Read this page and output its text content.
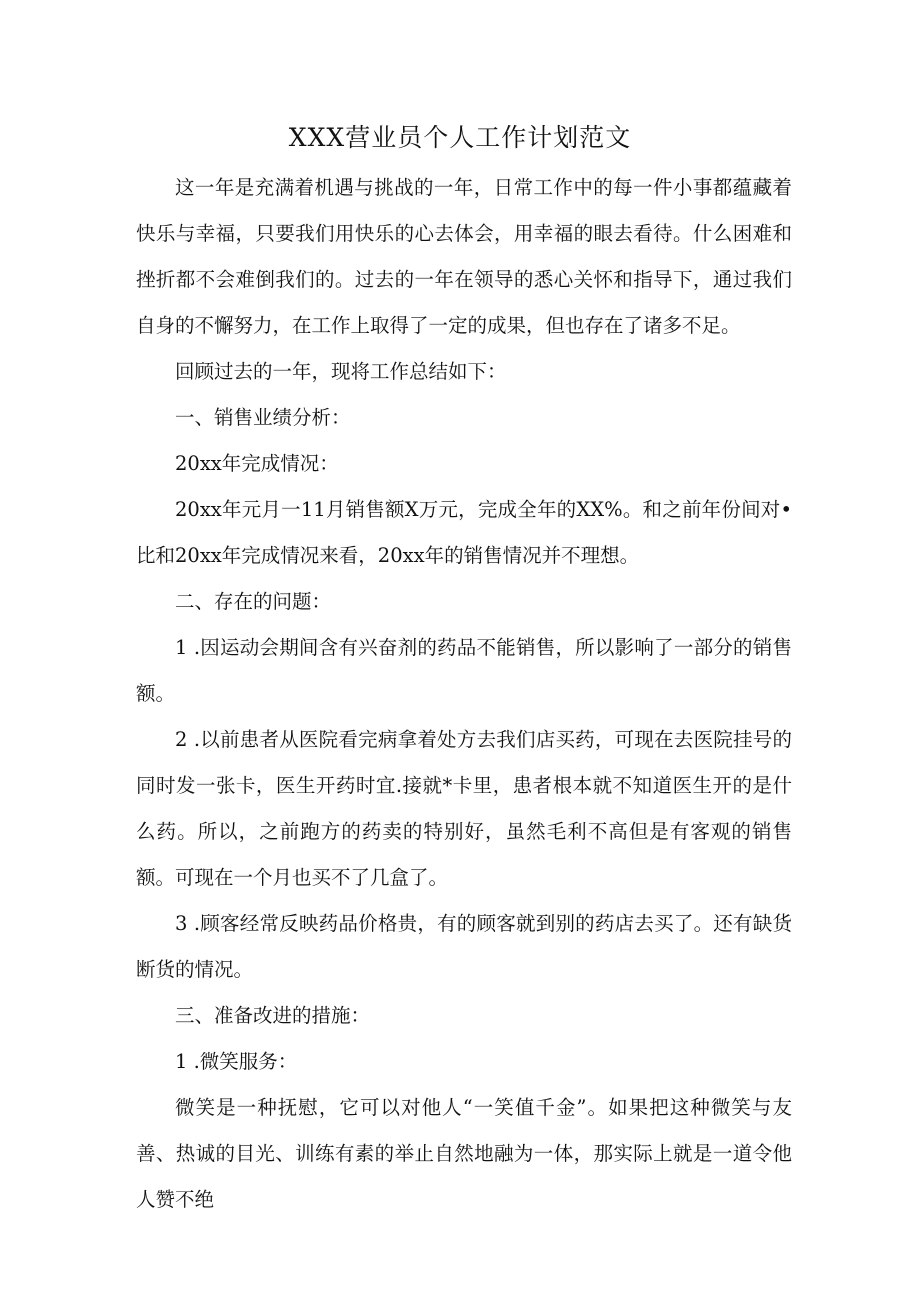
XXX营业员个人工作计划范文

这一年是充满着机遇与挑战的一年，日常工作中的每一件小事都蕴藏着快乐与幸福，只要我们用快乐的心去体会，用幸福的眼去看待。什么困难和挫折都不会难倒我们的。过去的一年在领导的悉心关怀和指导下，通过我们自身的不懈努力，在工作上取得了一定的成果，但也存在了诸多不足。

回顾过去的一年，现将工作总结如下：

一、销售业绩分析：

20xx年完成情况：

20xx年元月一11月销售额X万元，完成全年的XX%。和之前年份间对•比和20xx年完成情况来看，20xx年的销售情况并不理想。

二、存在的问题：

1 .因运动会期间含有兴奋剂的药品不能销售，所以影响了一部分的销售额。

2 .以前患者从医院看完病拿着处方去我们店买药，可现在去医院挂号的同时发一张卡，医生开药时宜.接就*卡里，患者根本就不知道医生开的是什么药。所以，之前跑方的药卖的特别好，虽然毛利不高但是有客观的销售额。可现在一个月也买不了几盒了。

3 .顾客经常反映药品价格贵，有的顾客就到别的药店去买了。还有缺货断货的情况。

三、准备改进的措施：

1 .微笑服务：

微笑是一种抚慰，它可以对他人“一笑值千金”。如果把这种微笑与友善、热诚的目光、训练有素的举止自然地融为一体，那实际上就是一道令他人赞不绝
